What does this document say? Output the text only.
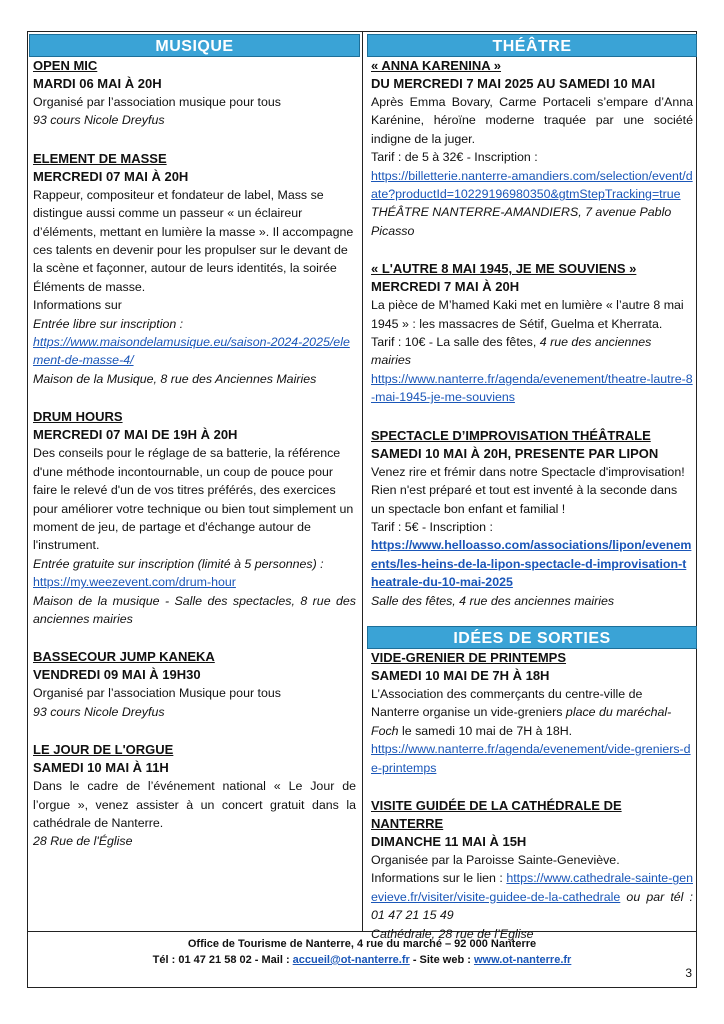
MUSIQUE
OPEN MIC
MARDI 06 MAI À 20H
Organisé par l’association musique pour tous
93 cours Nicole Dreyfus
ELEMENT DE MASSE
MERCREDI 07 MAI À 20H
Rappeur, compositeur et fondateur de label, Mass se distingue aussi comme un passeur « un éclaireur d’éléments, mettant en lumière la masse ». Il accompagne ces talents en devenir pour les propulser sur le devant de la scène et façonner, autour de leurs identités, la soirée Éléments de masse.
Informations sur
Entrée libre sur inscription :
https://www.maisondelamusique.eu/saison-2024-2025/element-de-masse-4/
Maison de la Musique, 8 rue des Anciennes Mairies
DRUM HOURS
MERCREDI 07 MAI DE 19H À 20H
Des conseils pour le réglage de sa batterie, la référence d'une méthode incontournable, un coup de pouce pour faire le relevé d'un de vos titres préférés, des exercices pour améliorer votre technique ou bien tout simplement un moment de jeu, de partage et d'échange autour de l'instrument.
Entrée gratuite sur inscription (limité à 5 personnes) :
https://my.weezevent.com/drum-hour
Maison de la musique - Salle des spectacles, 8 rue des anciennes mairies
BASSECOUR JUMP KANEKA
VENDREDI 09 MAI À 19H30
Organisé par l’association Musique pour tous
93 cours Nicole Dreyfus
LE JOUR DE L'ORGUE
SAMEDI 10 MAI À 11H
Dans le cadre de l’événement national « Le Jour de l’orgue », venez assister à un concert gratuit dans la cathédrale de Nanterre.
28 Rue de l'Église
THÉÂTRE
« ANNA KARENINA »
DU MERCREDI 7 MAI 2025 AU SAMEDI 10 MAI
Après Emma Bovary, Carme Portaceli s’empare d’Anna Karénine, héroïne moderne traquée par une société indigne de la juger.
Tarif : de 5 à 32€ - Inscription :
https://billetterie.nanterre-amandiers.com/selection/event/date?productId=10229196980350&gtmStepTracking=true
THÉÂTRE NANTERRE-AMANDIERS, 7 avenue Pablo Picasso
« L'AUTRE 8 MAI 1945, JE ME SOUVIENS »
MERCREDI 7 MAI À 20H
La pièce de M’hamed Kaki met en lumière « l’autre 8 mai 1945 » : les massacres de Sétif, Guelma et Kherrata.
Tarif : 10€ - La salle des fêtes, 4 rue des anciennes mairies
https://www.nanterre.fr/agenda/evenement/theatre-lautre-8-mai-1945-je-me-souviens
SPECTACLE D’IMPROVISATION THÉÂTRALE
SAMEDI 10 MAI À 20H, PRESENTE PAR LIPON
Venez rire et frémir dans notre Spectacle d'improvisation! Rien n'est préparé et tout est inventé à la seconde dans un spectacle bon enfant et familial !
Tarif : 5€ - Inscription :
https://www.helloasso.com/associations/lipon/evenements/les-heins-de-la-lipon-spectacle-d-improvisation-theatrale-du-10-mai-2025
Salle des fêtes, 4 rue des anciennes mairies
IDÉES DE SORTIES
VIDE-GRENIER DE PRINTEMPS
SAMEDI 10 MAI DE 7H À 18H
L’Association des commerçants du centre-ville de Nanterre organise un vide-greniers place du maréchal-Foch le samedi 10 mai de 7H à 18H.
https://www.nanterre.fr/agenda/evenement/vide-greniers-de-printemps
VISITE GUIDÉE DE LA CATHÉDRALE DE NANTERRE
DIMANCHE 11 MAI À 15H
Organisée par la Paroisse Sainte-Geneviève.
Informations sur le lien : https://www.cathedrale-sainte-genevieve.fr/visiter/visite-guidee-de-la-cathedrale ou par tél : 01 47 21 15 49
Cathédrale, 28 rue de l’Eglise
Office de Tourisme de Nanterre, 4 rue du marché – 92 000 Nanterre
Tél : 01 47 21 58 02 - Mail : accueil@ot-nanterre.fr - Site web : www.ot-nanterre.fr
3
